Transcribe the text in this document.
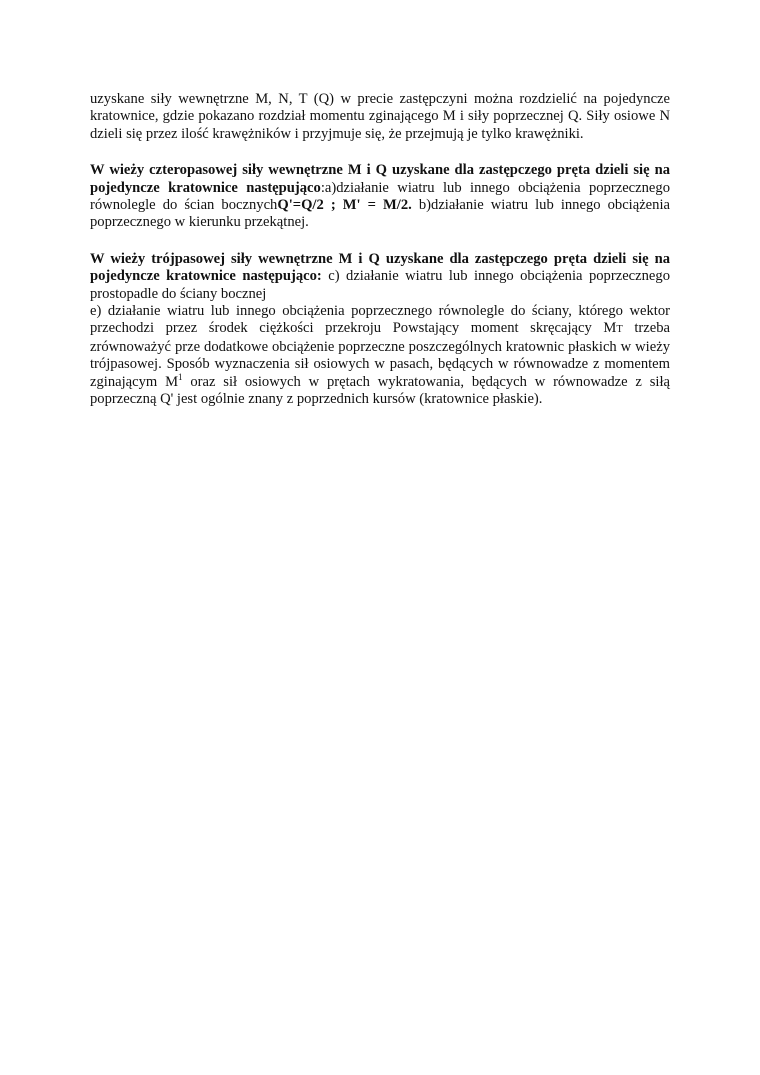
uzyskane siły wewnętrzne M, N, T (Q) w precie zastępczyni można rozdzielić na pojedyncze kratownice, gdzie pokazano rozdział momentu zginającego M i siły poprzecznej Q. Siły osiowe N dzieli się przez ilość krawężników i przyjmuje się, że przejmują je tylko krawężniki.

W wieży czteropasowej siły wewnętrzne M i Q uzyskane dla zastępczego pręta dzieli się na pojedyncze kratownice następująco:a)działanie wiatru lub innego obciążenia poprzecznego równolegle do ścian bocznychQ'=Q/2 ; M' = M/2. b)działanie wiatru lub innego obciążenia poprzecznego w kierunku przekątnej.

W wieży trójpasowej siły wewnętrzne M i Q uzyskane dla zastępczego pręta dzieli się na pojedyncze kratownice następująco: c) działanie wiatru lub innego obciążenia poprzecznego prostopadle do ściany bocznej

e) działanie wiatru lub innego obciążenia poprzecznego równolegle do ściany, którego wektor przechodzi przez środek ciężkości przekroju Powstający moment skręcający MT trzeba zrównoważyć prze dodatkowe obciążenie poprzeczne poszczególnych kratownic płaskich w wieży trójpasowej. Sposób wyznaczenia sił osiowych w pasach, będących w równowadze z momentem zginającym $M^1$ oraz sił osiowych w prętach wykratowania, będących w równowadze z siłą poprzeczną Q' jest ogólnie znany z poprzednich kursów (kratownice płaskie).
